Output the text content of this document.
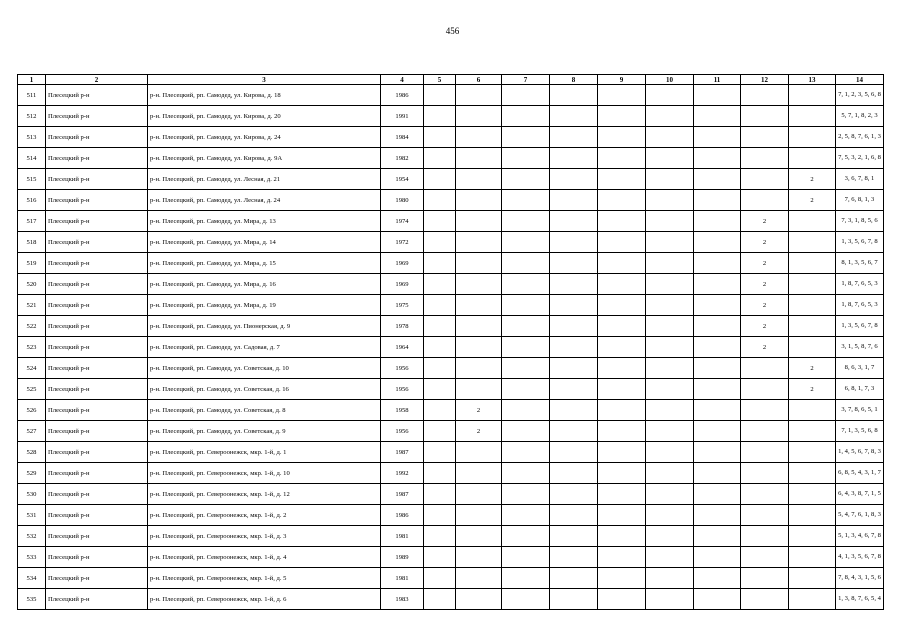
456
1	2	3	4	5	6	7	8	9	10	11	12	13	14
511	Плесецкий р-н	р-н. Плесецкий, рп. Самодед, ул. Кирова, д. 18	1986										7, 1, 2, 3, 5, 6, 8
512	Плесецкий р-н	р-н. Плесецкий, рп. Самодед, ул. Кирова, д. 20	1991										5, 7, 1, 8, 2, 3
513	Плесецкий р-н	р-н. Плесецкий, рп. Самодед, ул. Кирова, д. 24	1984										2, 5, 8, 7, 6, 1, 3
514	Плесецкий р-н	р-н. Плесецкий, рп. Самодед, ул. Кирова, д. 9А	1982										7, 5, 3, 2, 1, 6, 8
515	Плесецкий р-н	р-н. Плесецкий, рп. Самодед, ул. Лесная, д. 21	1954									2	3, 6, 7, 8, 1
516	Плесецкий р-н	р-н. Плесецкий, рп. Самодед, ул. Лесная, д. 24	1980									2	7, 6, 8, 1, 3
517	Плесецкий р-н	р-н. Плесецкий, рп. Самодед, ул. Мира, д. 13	1974								2		7, 3, 1, 8, 5, 6
518	Плесецкий р-н	р-н. Плесецкий, рп. Самодед, ул. Мира, д. 14	1972								2		1, 3, 5, 6, 7, 8
519	Плесецкий р-н	р-н. Плесецкий, рп. Самодед, ул. Мира, д. 15	1969								2		8, 1, 3, 5, 6, 7
520	Плесецкий р-н	р-н. Плесецкий, рп. Самодед, ул. Мира, д. 16	1969								2		1, 8, 7, 6, 5, 3
521	Плесецкий р-н	р-н. Плесецкий, рп. Самодед, ул. Мира, д. 19	1975								2		1, 8, 7, 6, 5, 3
522	Плесецкий р-н	р-н. Плесецкий, рп. Самодед, ул. Пионерская, д. 9	1978								2		1, 3, 5, 6, 7, 8
523	Плесецкий р-н	р-н. Плесецкий, рп. Самодед, ул. Садовая, д. 7	1964								2		3, 1, 5, 8, 7, 6
524	Плесецкий р-н	р-н. Плесецкий, рп. Самодед, ул. Советская, д. 10	1956									2	8, 6, 3, 1, 7
525	Плесецкий р-н	р-н. Плесецкий, рп. Самодед, ул. Советская, д. 16	1956									2	6, 8, 1, 7, 3
526	Плесецкий р-н	р-н. Плесецкий, рп. Самодед, ул. Советская, д. 8	1958		2								3, 7, 8, 6, 5, 1
527	Плесецкий р-н	р-н. Плесецкий, рп. Самодед, ул. Советская, д. 9	1956		2								7, 1, 3, 5, 6, 8
528	Плесецкий р-н	р-н. Плесецкий, рп. Североонежск, мкр. 1-й, д. 1	1987										1, 4, 5, 6, 7, 8, 3
529	Плесецкий р-н	р-н. Плесецкий, рп. Североонежск, мкр. 1-й, д. 10	1992										6, 8, 5, 4, 3, 1, 7
530	Плесецкий р-н	р-н. Плесецкий, рп. Североонежск, мкр. 1-й, д. 12	1987										6, 4, 3, 8, 7, 1, 5
531	Плесецкий р-н	р-н. Плесецкий, рп. Североонежск, мкр. 1-й, д. 2	1986										5, 4, 7, 6, 1, 8, 3
532	Плесецкий р-н	р-н. Плесецкий, рп. Североонежск, мкр. 1-й, д. 3	1981										5, 1, 3, 4, 6, 7, 8
533	Плесецкий р-н	р-н. Плесецкий, рп. Североонежск, мкр. 1-й, д. 4	1989										4, 1, 3, 5, 6, 7, 8
534	Плесецкий р-н	р-н. Плесецкий, рп. Североонежск, мкр. 1-й, д. 5	1981										7, 8, 4, 3, 1, 5, 6
535	Плесецкий р-н	р-н. Плесецкий, рп. Североонежск, мкр. 1-й, д. 6	1983										1, 3, 8, 7, 6, 5, 4
